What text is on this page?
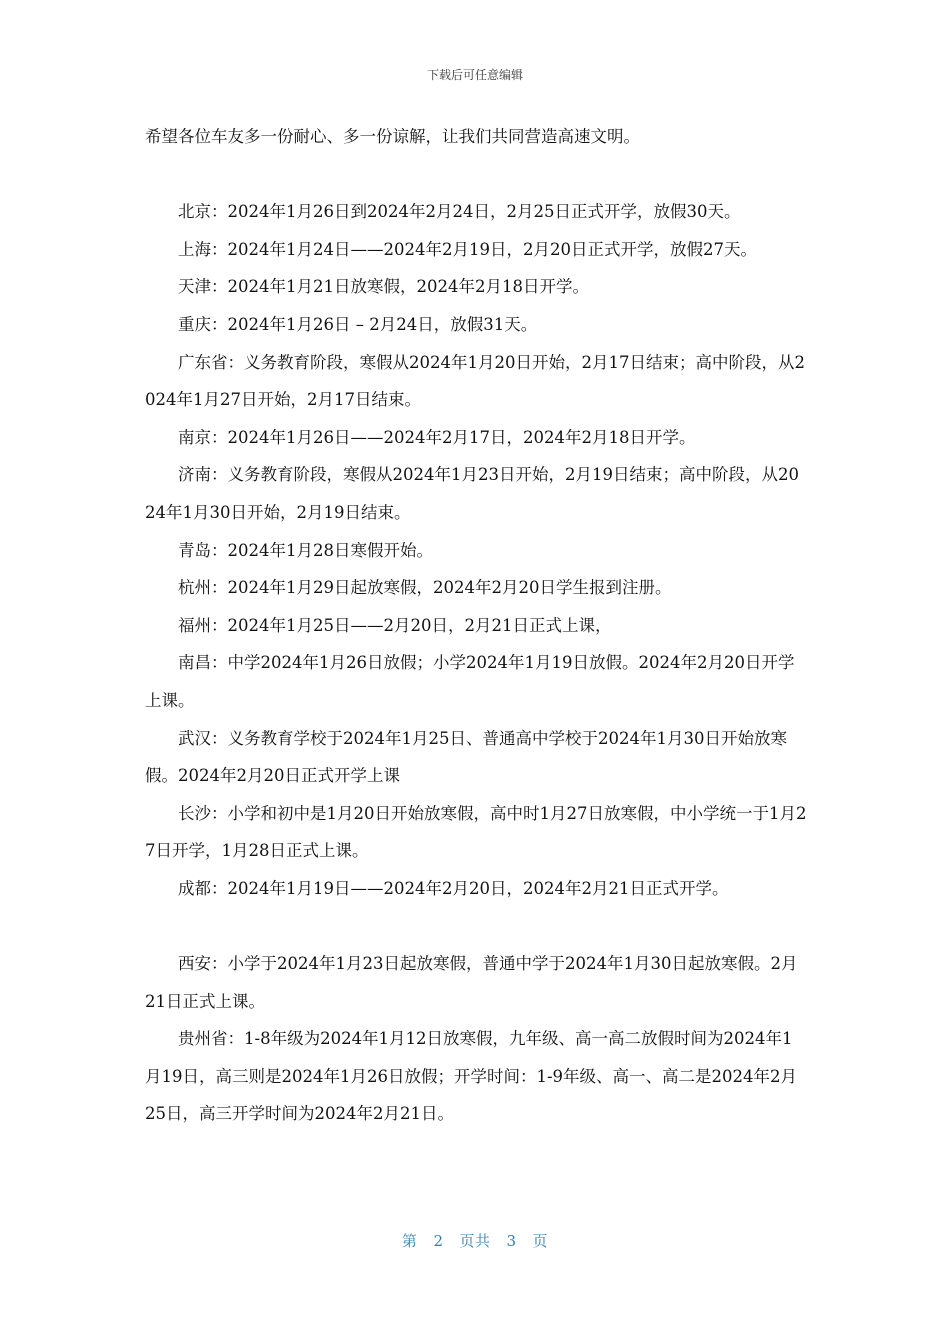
下载后可任意编辑

希望各位车友多一份耐心、多一份谅解，让我们共同营造高速文明。

北京：2024年1月26日到2024年2月24日，2月25日正式开学，放假30天。

上海：2024年1月24日——2024年2月19日，2月20日正式开学，放假27天。

天津：2024年1月21日放寒假，2024年2月18日开学。

重庆：2024年1月26日 – 2月24日，放假31天。

广东省：义务教育阶段，寒假从2024年1月20日开始，2月17日结束；高中阶段，从2024年1月27日开始，2月17日结束。

南京：2024年1月26日——2024年2月17日，2024年2月18日开学。

济南：义务教育阶段，寒假从2024年1月23日开始，2月19日结束；高中阶段，从2024年1月30日开始，2月19日结束。

青岛：2024年1月28日寒假开始。

杭州：2024年1月29日起放寒假，2024年2月20日学生报到注册。

福州：2024年1月25日——2月20日，2月21日正式上课，

南昌：中学2024年1月26日放假；小学2024年1月19日放假。2024年2月20日开学上课。

武汉：义务教育学校于2024年1月25日、普通高中学校于2024年1月30日开始放寒假。2024年2月20日正式开学上课

长沙：小学和初中是1月20日开始放寒假，高中时1月27日放寒假，中小学统一于1月27日开学，1月28日正式上课。

成都：2024年1月19日——2024年2月20日，2024年2月21日正式开学。

西安：小学于2024年1月23日起放寒假，普通中学于2024年1月30日起放寒假。2月21日正式上课。

贵州省：1-8年级为2024年1月12日放寒假，九年级、高一高二放假时间为2024年1月19日，高三则是2024年1月26日放假；开学时间：1-9年级、高一、高二是2024年2月25日，高三开学时间为2024年2月21日。

第 2 页共 3 页
